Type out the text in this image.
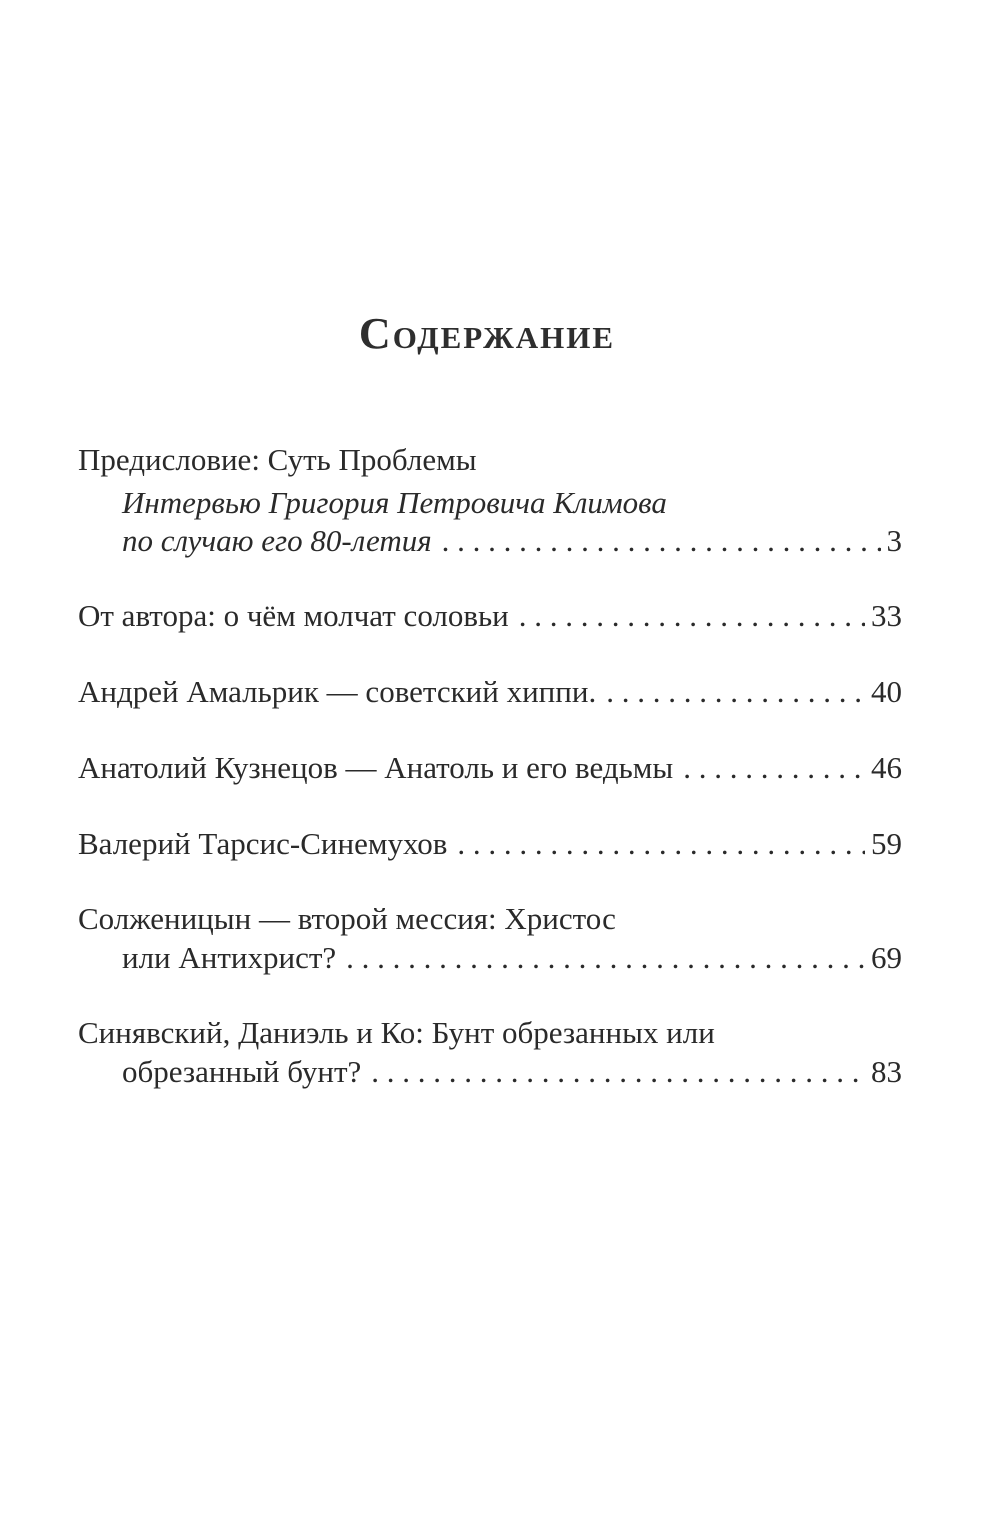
Содержание
Предисловие: Суть Проблемы
Интервью Григория Петровича Климова
по случаю его 80-летия . . .	3
От автора: о чём молчат соловьи . . .	33
Андрей Амальрик — советский хиппи. . . .	40
Анатолий Кузнецов — Анатоль и его ведьмы . . .	46
Валерий Тарсис-Синемухов . . .	59
Солженицын — второй мессия: Христос
или Антихрист? . . .	69
Синявский, Даниэль и Ко: Бунт обрезанных или
обрезанный бунт? . . .	83
